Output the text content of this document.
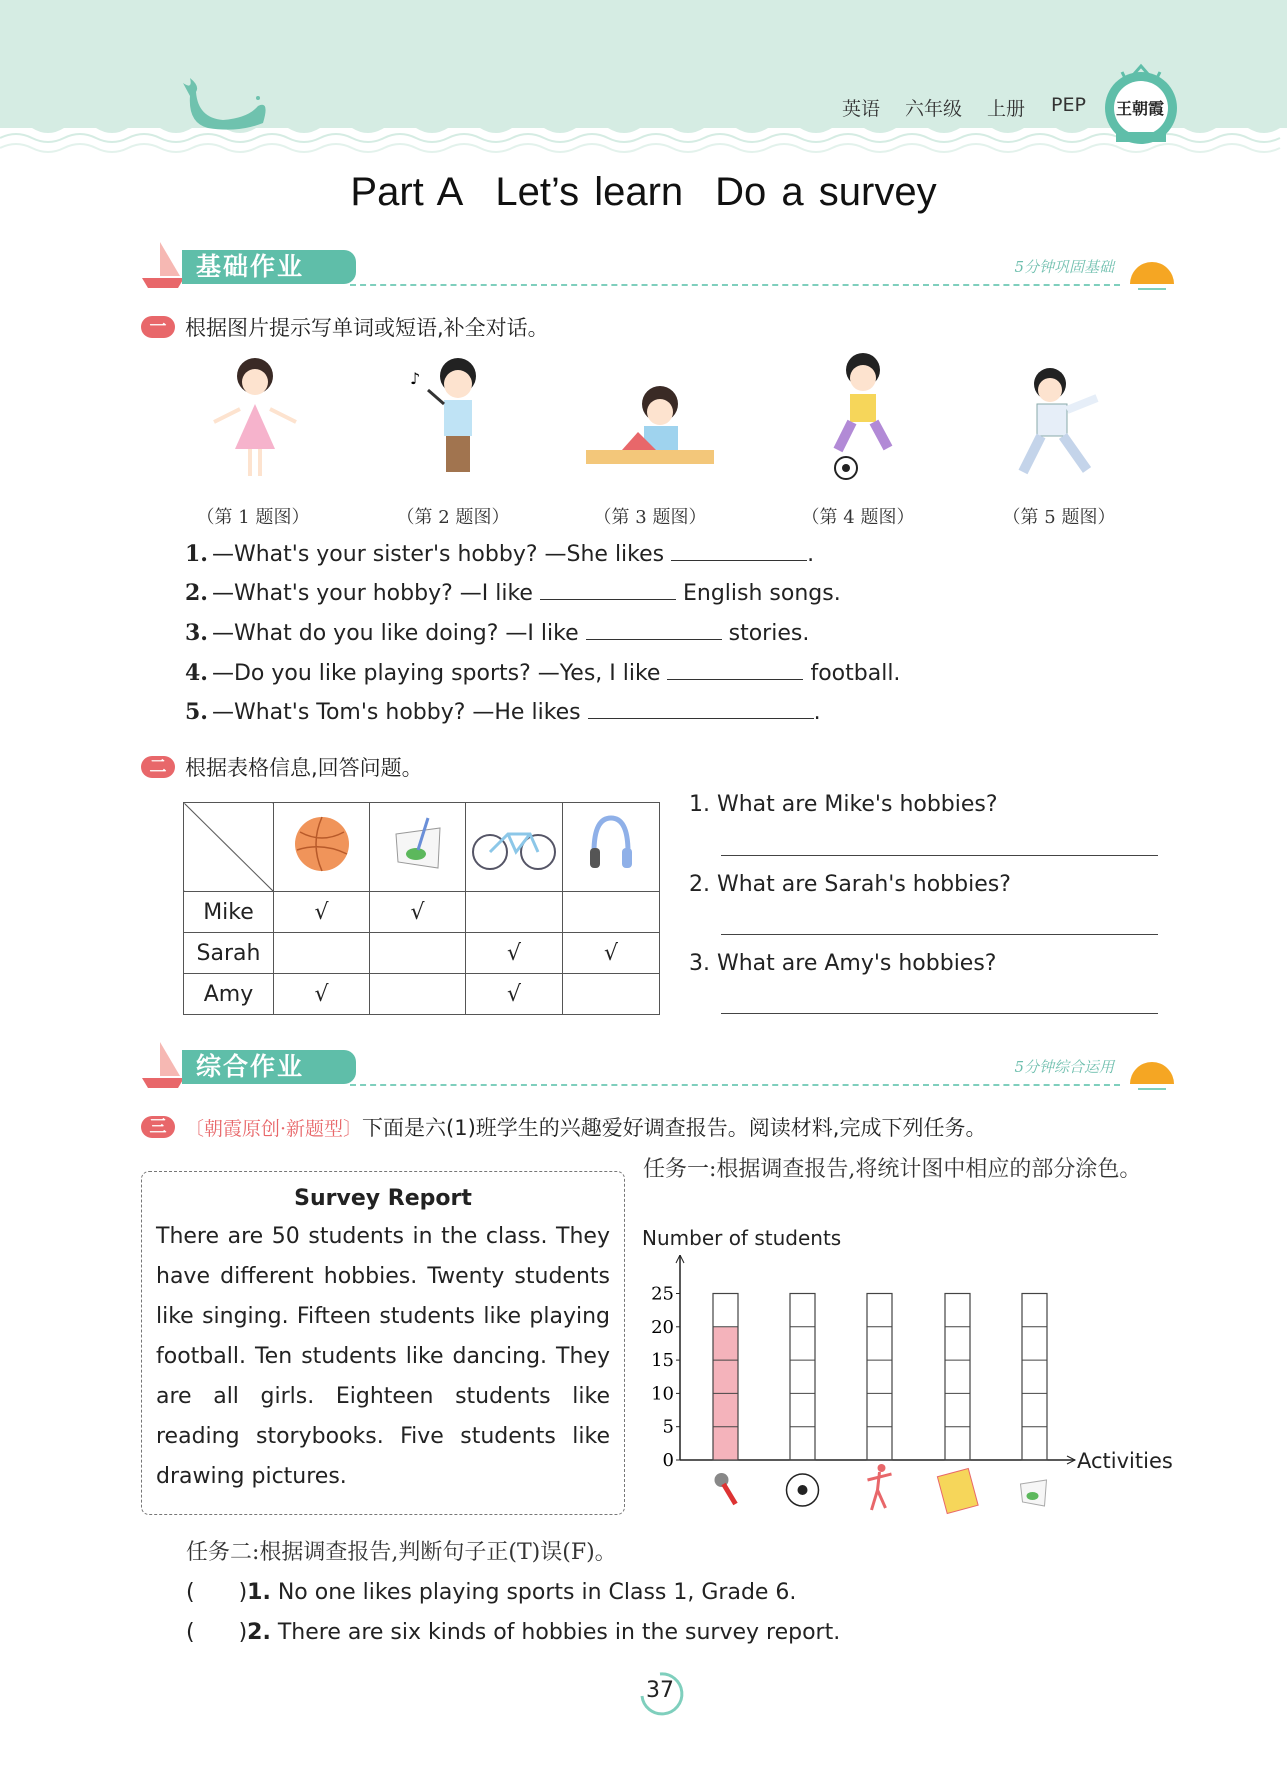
英语 六年级 上册 PEP 王朝霞
Part A Let’s learn Do a survey
基础作业	5分钟巩固基础
一 根据图片提示写单词或短语,补全对话。
♪
（第 1 题图）	（第 2 题图）	（第 3 题图）	（第 4 题图）	（第 5 题图）
1. —What's your sister's hobby? —She likes	.
2. —What's your hobby? —I like	English songs.
3. —What do you like doing? —I like	stories.
4. —Do you like playing sports? —Yes, I like	football.
5. —What's Tom's hobby? —He likes	.
二 根据表格信息,回答问题。

Mike	√	√		
Sarah			√	√
Amy	√		√	
1. What are Mike's hobbies?
2. What are Sarah's hobbies?
3. What are Amy's hobbies?
综合作业	5分钟综合运用
三 〔朝霞原创·新题型〕 下面是六(1)班学生的兴趣爱好调查报告。阅读材料,完成下列任务。
Survey Report

There are 50 students in the class. They have different hobbies. Twenty students like singing. Fifteen students like playing football. Ten students like dancing. They are all girls. Eighteen students like reading storybooks. Five students like drawing pictures.

任务一:根据调查报告,将统计图中相应的部分涂色。
Number of students
0
5
10
15
20
25
Activities
任务二:根据调查报告,判断句子正(T)误(F)。
(　　)1. No one likes playing sports in Class 1, Grade 6.
(　　)2. There are six kinds of hobbies in the survey report.
37
